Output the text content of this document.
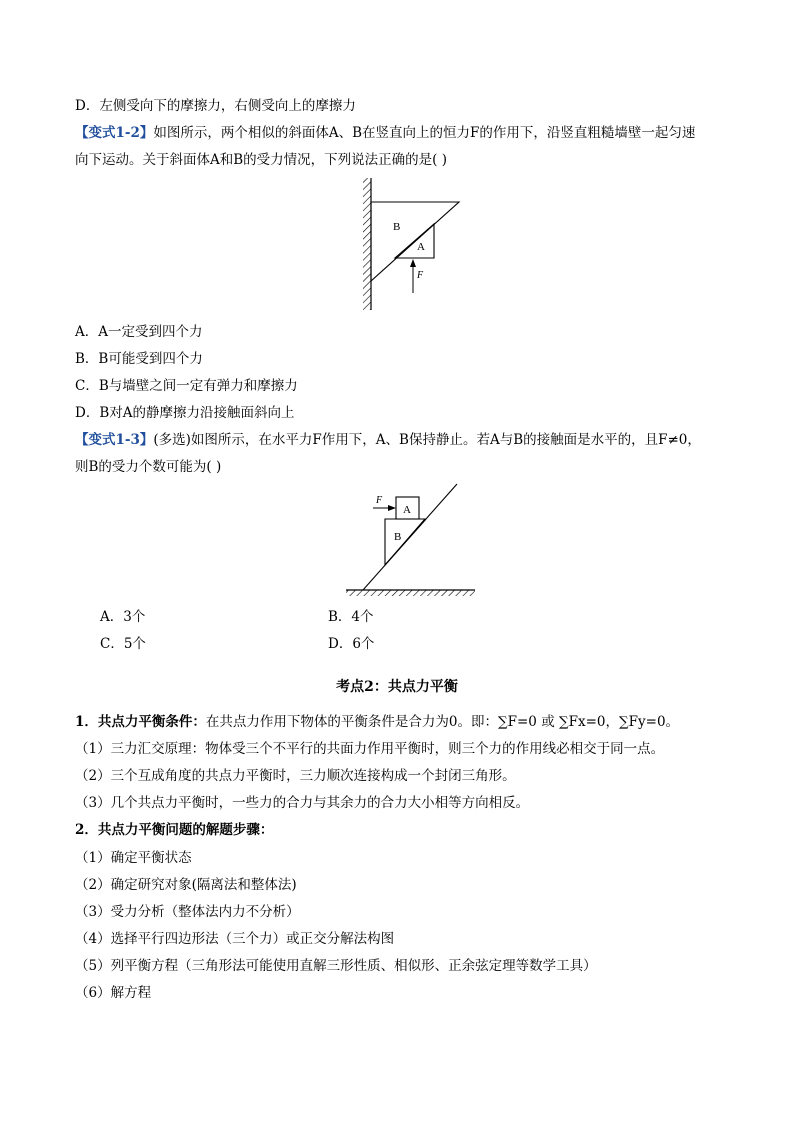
D．左侧受向下的摩擦力，右侧受向上的摩擦力
【变式1-2】如图所示，两个相似的斜面体A、B在竖直向上的恒力F的作用下，沿竖直粗糙墙壁一起匀速
向下运动。关于斜面体A和B的受力情况，下列说法正确的是( )
B
A
F
A．A一定受到四个力
B．B可能受到四个力
C．B与墙壁之间一定有弹力和摩擦力
D．B对A的静摩擦力沿接触面斜向上
【变式1-3】(多选)如图所示，在水平力F作用下，A、B保持静止。若A与B的接触面是水平的，且F≠0，
则B的受力个数可能为( )
F
A
B
A．3个	B．4个
C．5个	D．6个
考点2：共点力平衡
1．共点力平衡条件：在共点力作用下物体的平衡条件是合力为0。即：∑F=0 或 ∑Fx=0，∑Fy=0。
（1）三力汇交原理：物体受三个不平行的共面力作用平衡时，则三个力的作用线必相交于同一点。
（2）三个互成角度的共点力平衡时，三力顺次连接构成一个封闭三角形。
（3）几个共点力平衡时，一些力的合力与其余力的合力大小相等方向相反。
2．共点力平衡问题的解题步骤：
（1）确定平衡状态
（2）确定研究对象(隔离法和整体法)
（3）受力分析（整体法内力不分析）
（4）选择平行四边形法（三个力）或正交分解法构图
（5）列平衡方程（三角形法可能使用直解三形性质、相似形、正余弦定理等数学工具）
（6）解方程
